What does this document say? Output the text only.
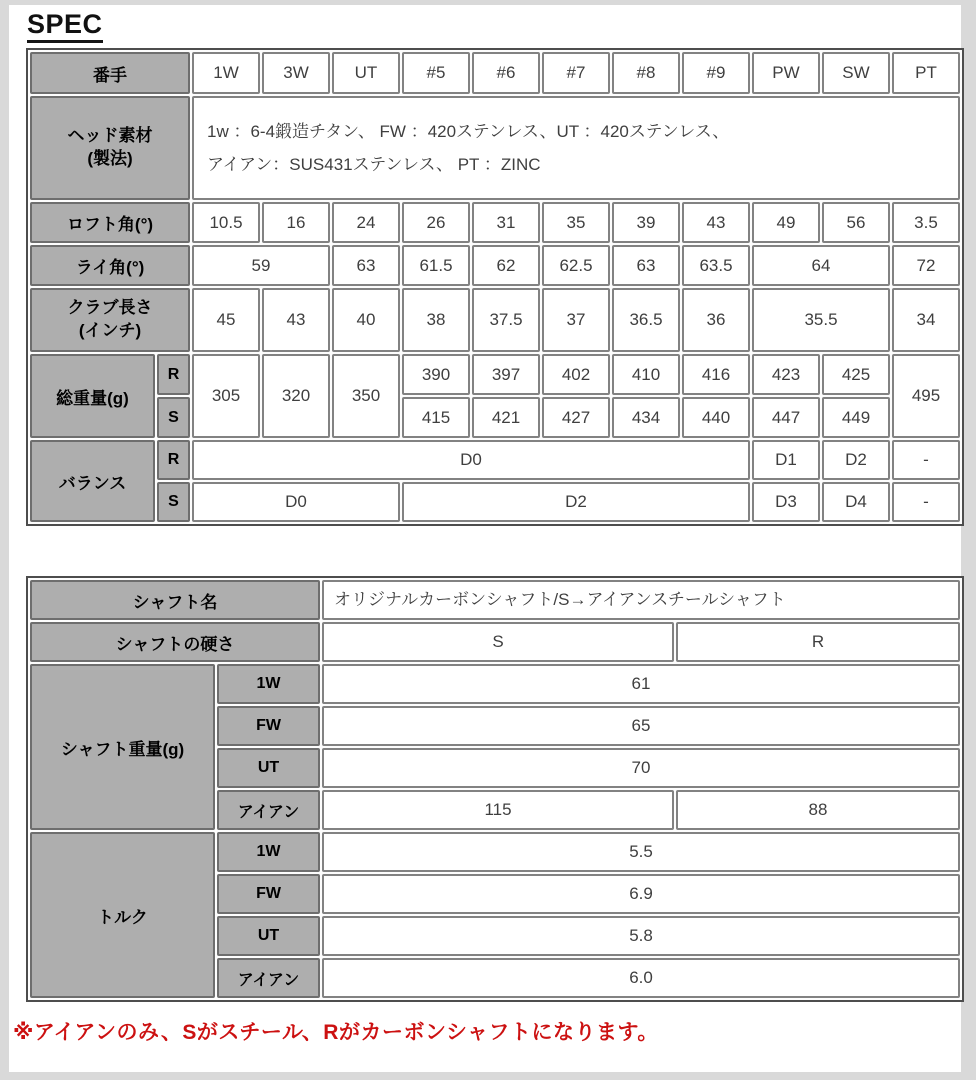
SPEC
番手		1W	3W	UT	#5	#6	#7	#8	#9	PW	SW	PT

ヘッド素材
(製法)		1w ：6-4鍛造チタン、 FW ：420ステンレス、UT ：420ステンレス、
アイアン：SUS431ステンレス、 PT ：ZINC										

ロフト角(°)		10.5	16	24	26	31	35	39	43	49	56	3.5
ライ角(°)		59		63	61.5	62	62.5	63	63.5	64		72

クラブ長さ
(インチ)		45	43	40	38	37.5	37	36.5	36	35.5		34
総重量(g)	R	305	320	350	390	397	402	410	416	423	425	495
	S				415	421	427	434	440	447	449	
バランス	R	D0								D1	D2	-
	S	D0			D2					D3	D4	-
シャフト名		オリジナルカーボンシャフト/S→アイアンスチールシャフト	
シャフトの硬さ		S	R
シャフト重量(g)	1W	61	
	FW	65	
	UT	70	
	アイアン	115	88
トルク	1W	5.5	
	FW	6.9	
	UT	5.8	
	アイアン	6.0	
※アイアンのみ、Sがスチール、Rがカーボンシャフトになります。
